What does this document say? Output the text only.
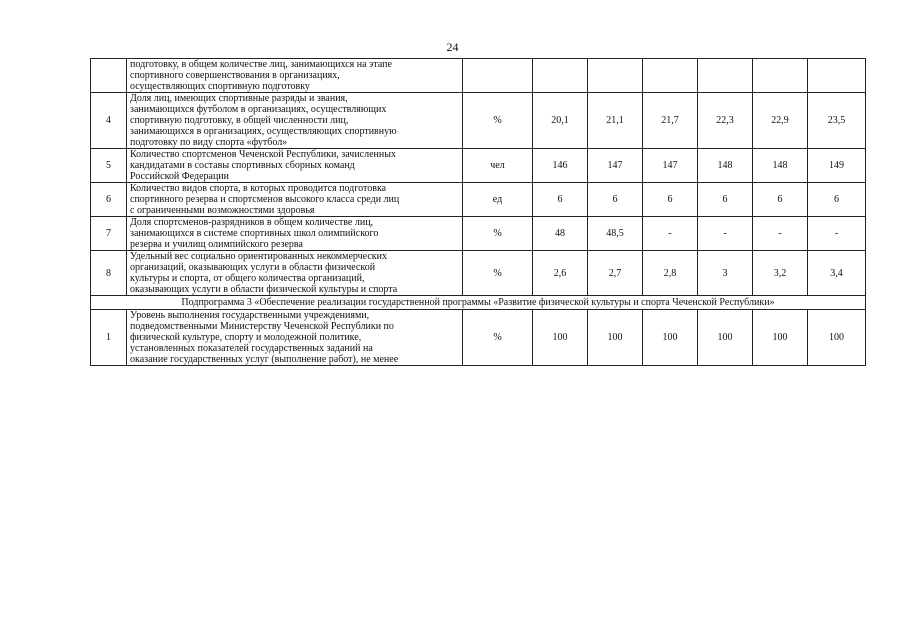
24

	подготовку, в общем количестве лиц, занимающихся на этапе
спортивного совершенствования в организациях,
осуществляющих спортивную подготовку							

4	Доля лиц, имеющих спортивные разряды и звания,
занимающихся футболом в организациях, осуществляющих
спортивную подготовку, в общей численности лиц,
занимающихся в организациях, осуществляющих спортивную
подготовку по виду спорта «футбол»	%	20,1	21,1	21,7	22,3	22,9	23,5
5	Количество спортсменов Чеченской Республики, зачисленных
кандидатами в составы спортивных сборных команд
Российской Федерации	чел	146	147	147	148	148	149
6	Количество видов спорта, в которых проводится подготовка
спортивного резерва и спортсменов высокого класса среди лиц
с ограниченными возможностями здоровья	ед	6	6	6	6	6	6
7	Доля спортсменов-разрядников в общем количестве лиц,
занимающихся в системе спортивных школ олимпийского
резерва и училищ олимпийского резерва	%	48	48,5	-	-	-	-
8	Удельный вес социально ориентированных некоммерческих
организаций, оказывающих услуги в области физической
культуры и спорта, от общего количества организаций,
оказывающих услуги в области физической культуры и спорта	%	2,6	2,7	2,8	3	3,2	3,4
Подпрограмма 3 «Обеспечение реализации государственной программы «Развитие физической культуры и спорта Чеченской Республики»								
1	Уровень выполнения государственными учреждениями,
подведомственными Министерству Чеченской Республики по
физической культуре, спорту и молодежной политике,
установленных показателей государственных заданий на
оказание государственных услуг (выполнение работ), не менее	%	100	100	100	100	100	100
